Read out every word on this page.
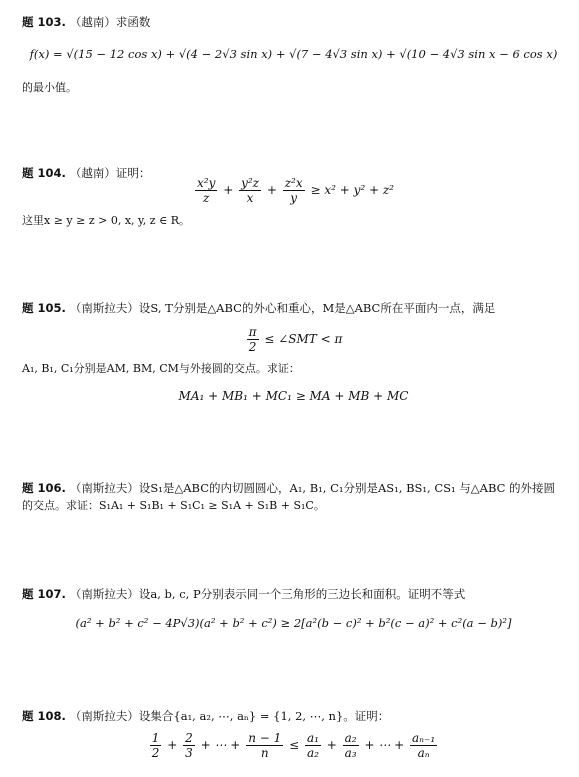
题 103. （越南）求函数
f(x) = √(15 − 12 cos x) + √(4 − 2√3 sin x) + √(7 − 4√3 sin x) + √(10 − 4√3 sin x − 6 cos x)
的最小值。
题 104. （越南）证明：
$\frac{\text{x²y}}{z} + \frac{\text{y²z}}{x} + \frac{\text{z²x}}{y} \ge x^2 + y^2 + z^2$
这里x ≥ y ≥ z > 0, x, y, z ∈ R。
题 105. （南斯拉夫）设S, T分别是△ABC的外心和重心，M是△ABC所在平面内一点，满足
$\frac{\pi}{2}$ ≤ ∠SMT < π
A₁, B₁, C₁分别是AM, BM, CM与外接圆的交点。求证：
MA₁ + MB₁ + MC₁ ≥ MA + MB + MC
题 106. （南斯拉夫）设S₁是△ABC的内切圆圆心，A₁, B₁, C₁分别是AS₁, BS₁, CS₁ 与△ABC 的外接圆
的交点。求证：S₁A₁ + S₁B₁ + S₁C₁ ≥ S₁A + S₁B + S₁C。
题 107. （南斯拉夫）设a, b, c, P分别表示同一个三角形的三边长和面积。证明不等式
(a² + b² + c² − 4P√3)(a² + b² + c²) ≥ 2[a²(b − c)² + b²(c − a)² + c²(a − b)²]
题 108. （南斯拉夫）设集合{a₁, a₂, ⋯, aₙ} = {1, 2, ⋯, n}。证明：
$\frac{1}{2} + \frac{2}{3}$ + ⋯ + $\frac{n - 1}{n} \le \frac{\text{a₁}}{\text{a₂}} + \frac{\text{a₂}}{\text{a₃}}$ + ⋯ + $\frac{\text{aₙ₋₁}}{\text{aₙ}}$
